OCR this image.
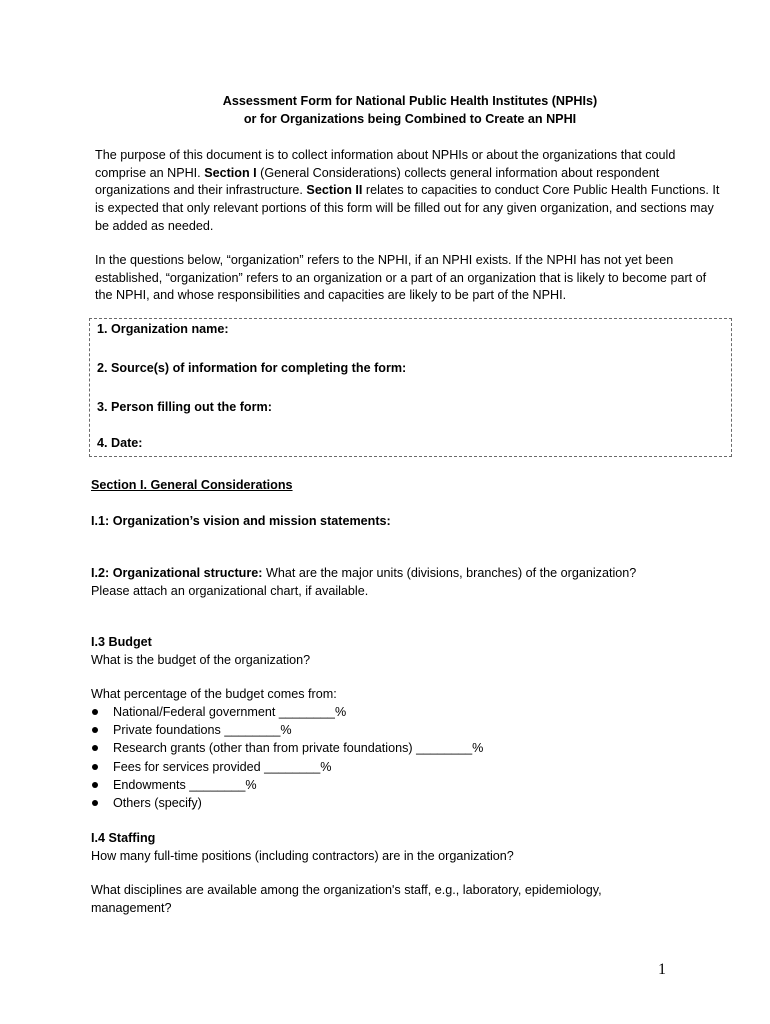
Assessment Form for National Public Health Institutes (NPHIs)

or for Organizations being Combined to Create an NPHI

The purpose of this document is to collect information about NPHIs or about the organizations that could comprise an NPHI. Section I (General Considerations) collects general information about respondent organizations and their infrastructure. Section II relates to capacities to conduct Core Public Health Functions. It is expected that only relevant portions of this form will be filled out for any given organization, and sections may be added as needed.

In the questions below, “organization” refers to the NPHI, if an NPHI exists. If the NPHI has not yet been established, “organization” refers to an organization or a part of an organization that is likely to become part of the NPHI, and whose responsibilities and capacities are likely to be part of the NPHI.

1. Organization name:

2. Source(s) of information for completing the form:

3. Person filling out the form:

4. Date:

Section I. General Considerations

I.1: Organization’s vision and mission statements:

I.2: Organizational structure: What are the major units (divisions, branches) of the organization?
Please attach an organizational chart, if available.

I.3 Budget
What is the budget of the organization?

What percentage of the budget comes from:

National/Federal government ________%
Private foundations ________%
Research grants (other than from private foundations) ________%
Fees for services provided ________%
Endowments ________%
Others (specify)

I.4 Staffing
How many full-time positions (including contractors) are in the organization?

What disciplines are available among the organization's staff, e.g., laboratory, epidemiology,
management?

1
